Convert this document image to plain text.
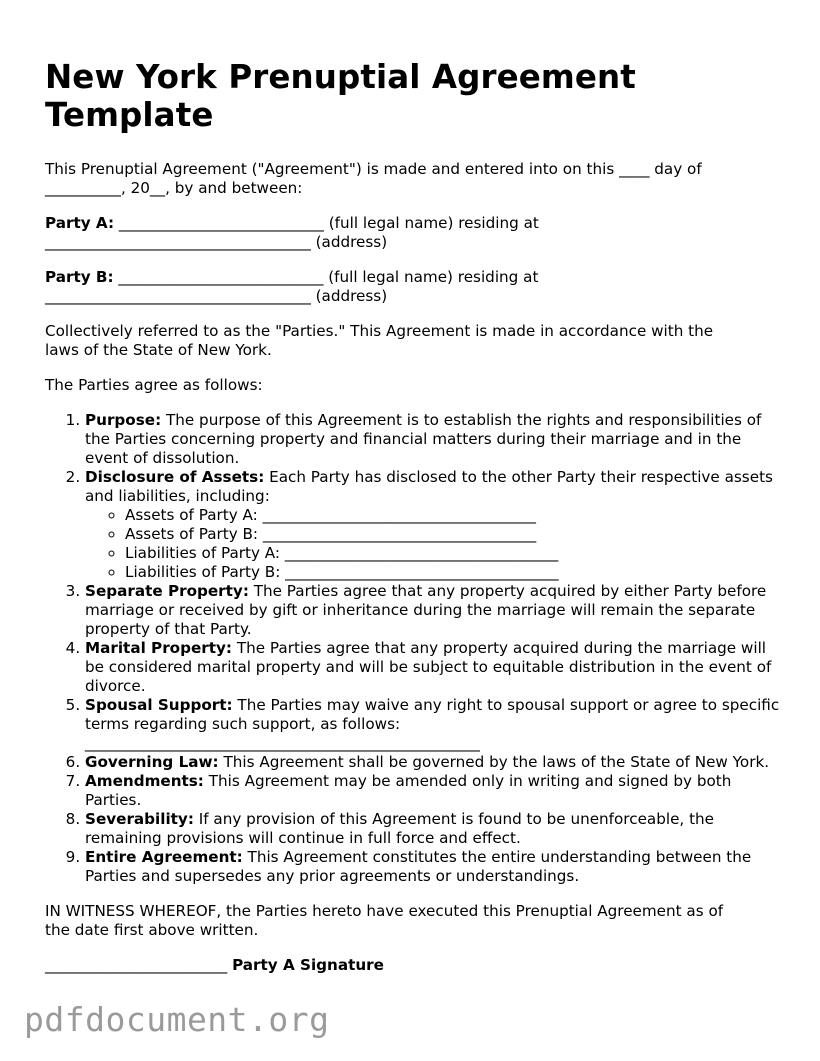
New York Prenuptial Agreement
Template

This Prenuptial Agreement ("Agreement") is made and entered into on this ____ day of
__________, 20__, by and between:

Party A: ___________________________ (full legal name) residing at
___________________________________ (address)

Party B: ___________________________ (full legal name) residing at
___________________________________ (address)

Collectively referred to as the "Parties." This Agreement is made in accordance with the
laws of the State of New York.

The Parties agree as follows:

1. Purpose: The purpose of this Agreement is to establish the rights and responsibilities of the Parties concerning property and financial matters during their marriage and in the event of dissolution.
2. Disclosure of Assets: Each Party has disclosed to the other Party their respective assets and liabilities, including:
◦ Assets of Party A: ____________________________________
◦ Assets of Party B: ____________________________________
◦ Liabilities of Party A: ____________________________________
◦ Liabilities of Party B: ____________________________________
3. Separate Property: The Parties agree that any property acquired by either Party before marriage or received by gift or inheritance during the marriage will remain the separate property of that Party.
4. Marital Property: The Parties agree that any property acquired during the marriage will be considered marital property and will be subject to equitable distribution in the event of divorce.
5. Spousal Support: The Parties may waive any right to spousal support or agree to specific terms regarding such support, as follows:
____________________________________________________
6. Governing Law: This Agreement shall be governed by the laws of the State of New York.
7. Amendments: This Agreement may be amended only in writing and signed by both Parties.
8. Severability: If any provision of this Agreement is found to be unenforceable, the remaining provisions will continue in full force and effect.
9. Entire Agreement: This Agreement constitutes the entire understanding between the Parties and supersedes any prior agreements or understandings.

IN WITNESS WHEREOF, the Parties hereto have executed this Prenuptial Agreement as of
the date first above written.

________________________ Party A Signature
pdfdocument.org
